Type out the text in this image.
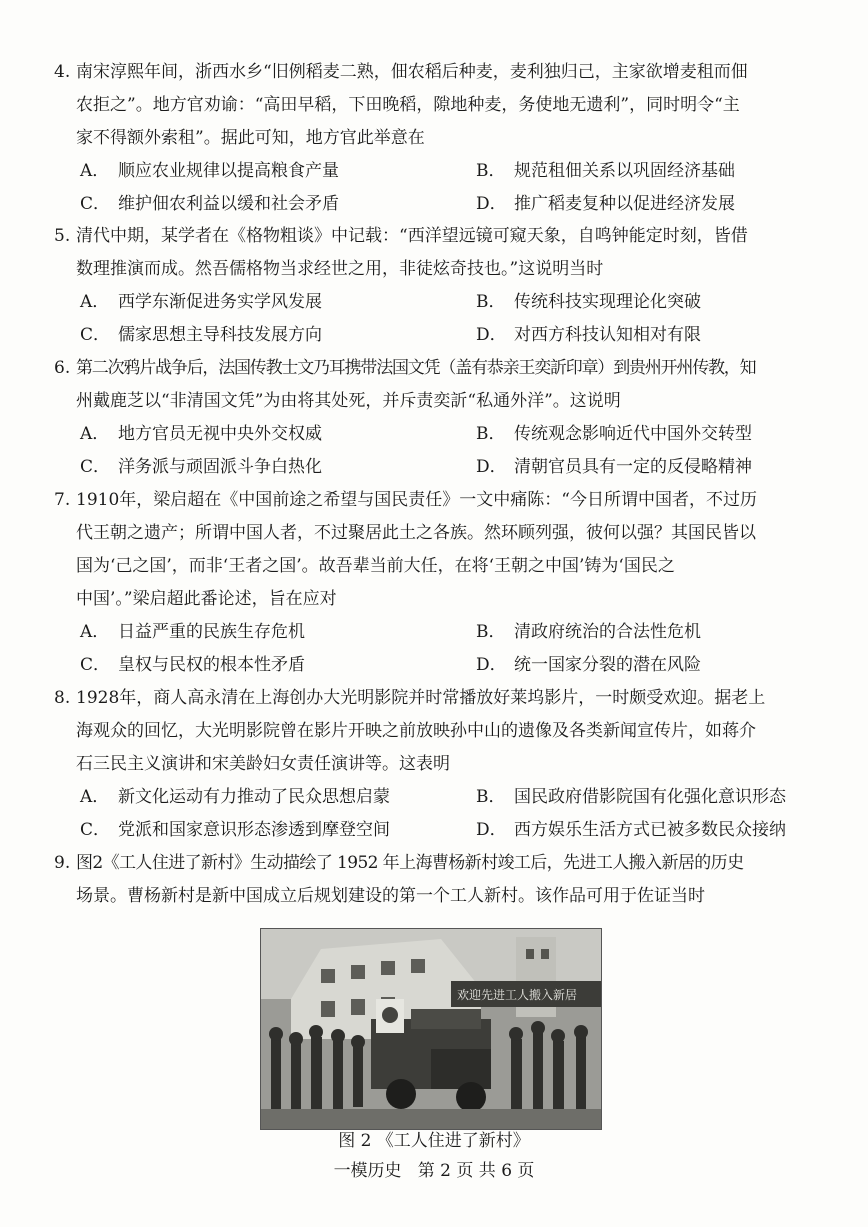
4. 南宋淳熙年间，浙西水乡“旧例稻麦二熟，佃农稻后种麦，麦利独归己，主家欲增麦租而佃
农拒之”。地方官劝谕：“高田早稻，下田晚稻，隙地种麦，务使地无遗利”，同时明令“主
家不得额外索租”。据此可知，地方官此举意在

A． 顺应农业规律以提高粮食产量	B． 规范租佃关系以巩固经济基础
C． 维护佃农利益以缓和社会矛盾	D． 推广稻麦复种以促进经济发展

5. 清代中期，某学者在《格物粗谈》中记载：“西洋望远镜可窥天象，自鸣钟能定时刻，皆借
数理推演而成。然吾儒格物当求经世之用，非徒炫奇技也。”这说明当时

A． 西学东渐促进务实学风发展	B． 传统科技实现理论化突破
C． 儒家思想主导科技发展方向	D． 对西方科技认知相对有限

6. 第二次鸦片战争后，法国传教士文乃耳携带法国文凭（盖有恭亲王奕訢印章）到贵州开州传教，知
州戴鹿芝以“非清国文凭”为由将其处死，并斥责奕訢“私通外洋”。这说明

A． 地方官员无视中央外交权威	B． 传统观念影响近代中国外交转型
C． 洋务派与顽固派斗争白热化	D． 清朝官员具有一定的反侵略精神

7. 1910年，梁启超在《中国前途之希望与国民责任》一文中痛陈：“今日所谓中国者，不过历
代王朝之遗产；所谓中国人者，不过聚居此土之各族。然环顾列强，彼何以强？其国民皆以
国为‘己之国’，而非‘王者之国’。故吾辈当前大任，在将‘王朝之中国’铸为‘国民之
中国’。”梁启超此番论述，旨在应对

A． 日益严重的民族生存危机	B． 清政府统治的合法性危机
C． 皇权与民权的根本性矛盾	D． 统一国家分裂的潜在风险

8. 1928年，商人高永清在上海创办大光明影院并时常播放好莱坞影片，一时颇受欢迎。据老上
海观众的回忆，大光明影院曾在影片开映之前放映孙中山的遗像及各类新闻宣传片，如蒋介
石三民主义演讲和宋美龄妇女责任演讲等。这表明

A． 新文化运动有力推动了民众思想启蒙	B． 国民政府借影院国有化强化意识形态
C． 党派和国家意识形态渗透到摩登空间	D． 西方娱乐生活方式已被多数民众接纳

9. 图2《工人住进了新村》生动描绘了 1952 年上海曹杨新村竣工后，先进工人搬入新居的历史
场景。曹杨新村是新中国成立后规划建设的第一个工人新村。该作品可用于佐证当时

欢迎先进工人搬入新居
图 2 《工人住进了新村》
一模历史   第 2 页 共 6 页
